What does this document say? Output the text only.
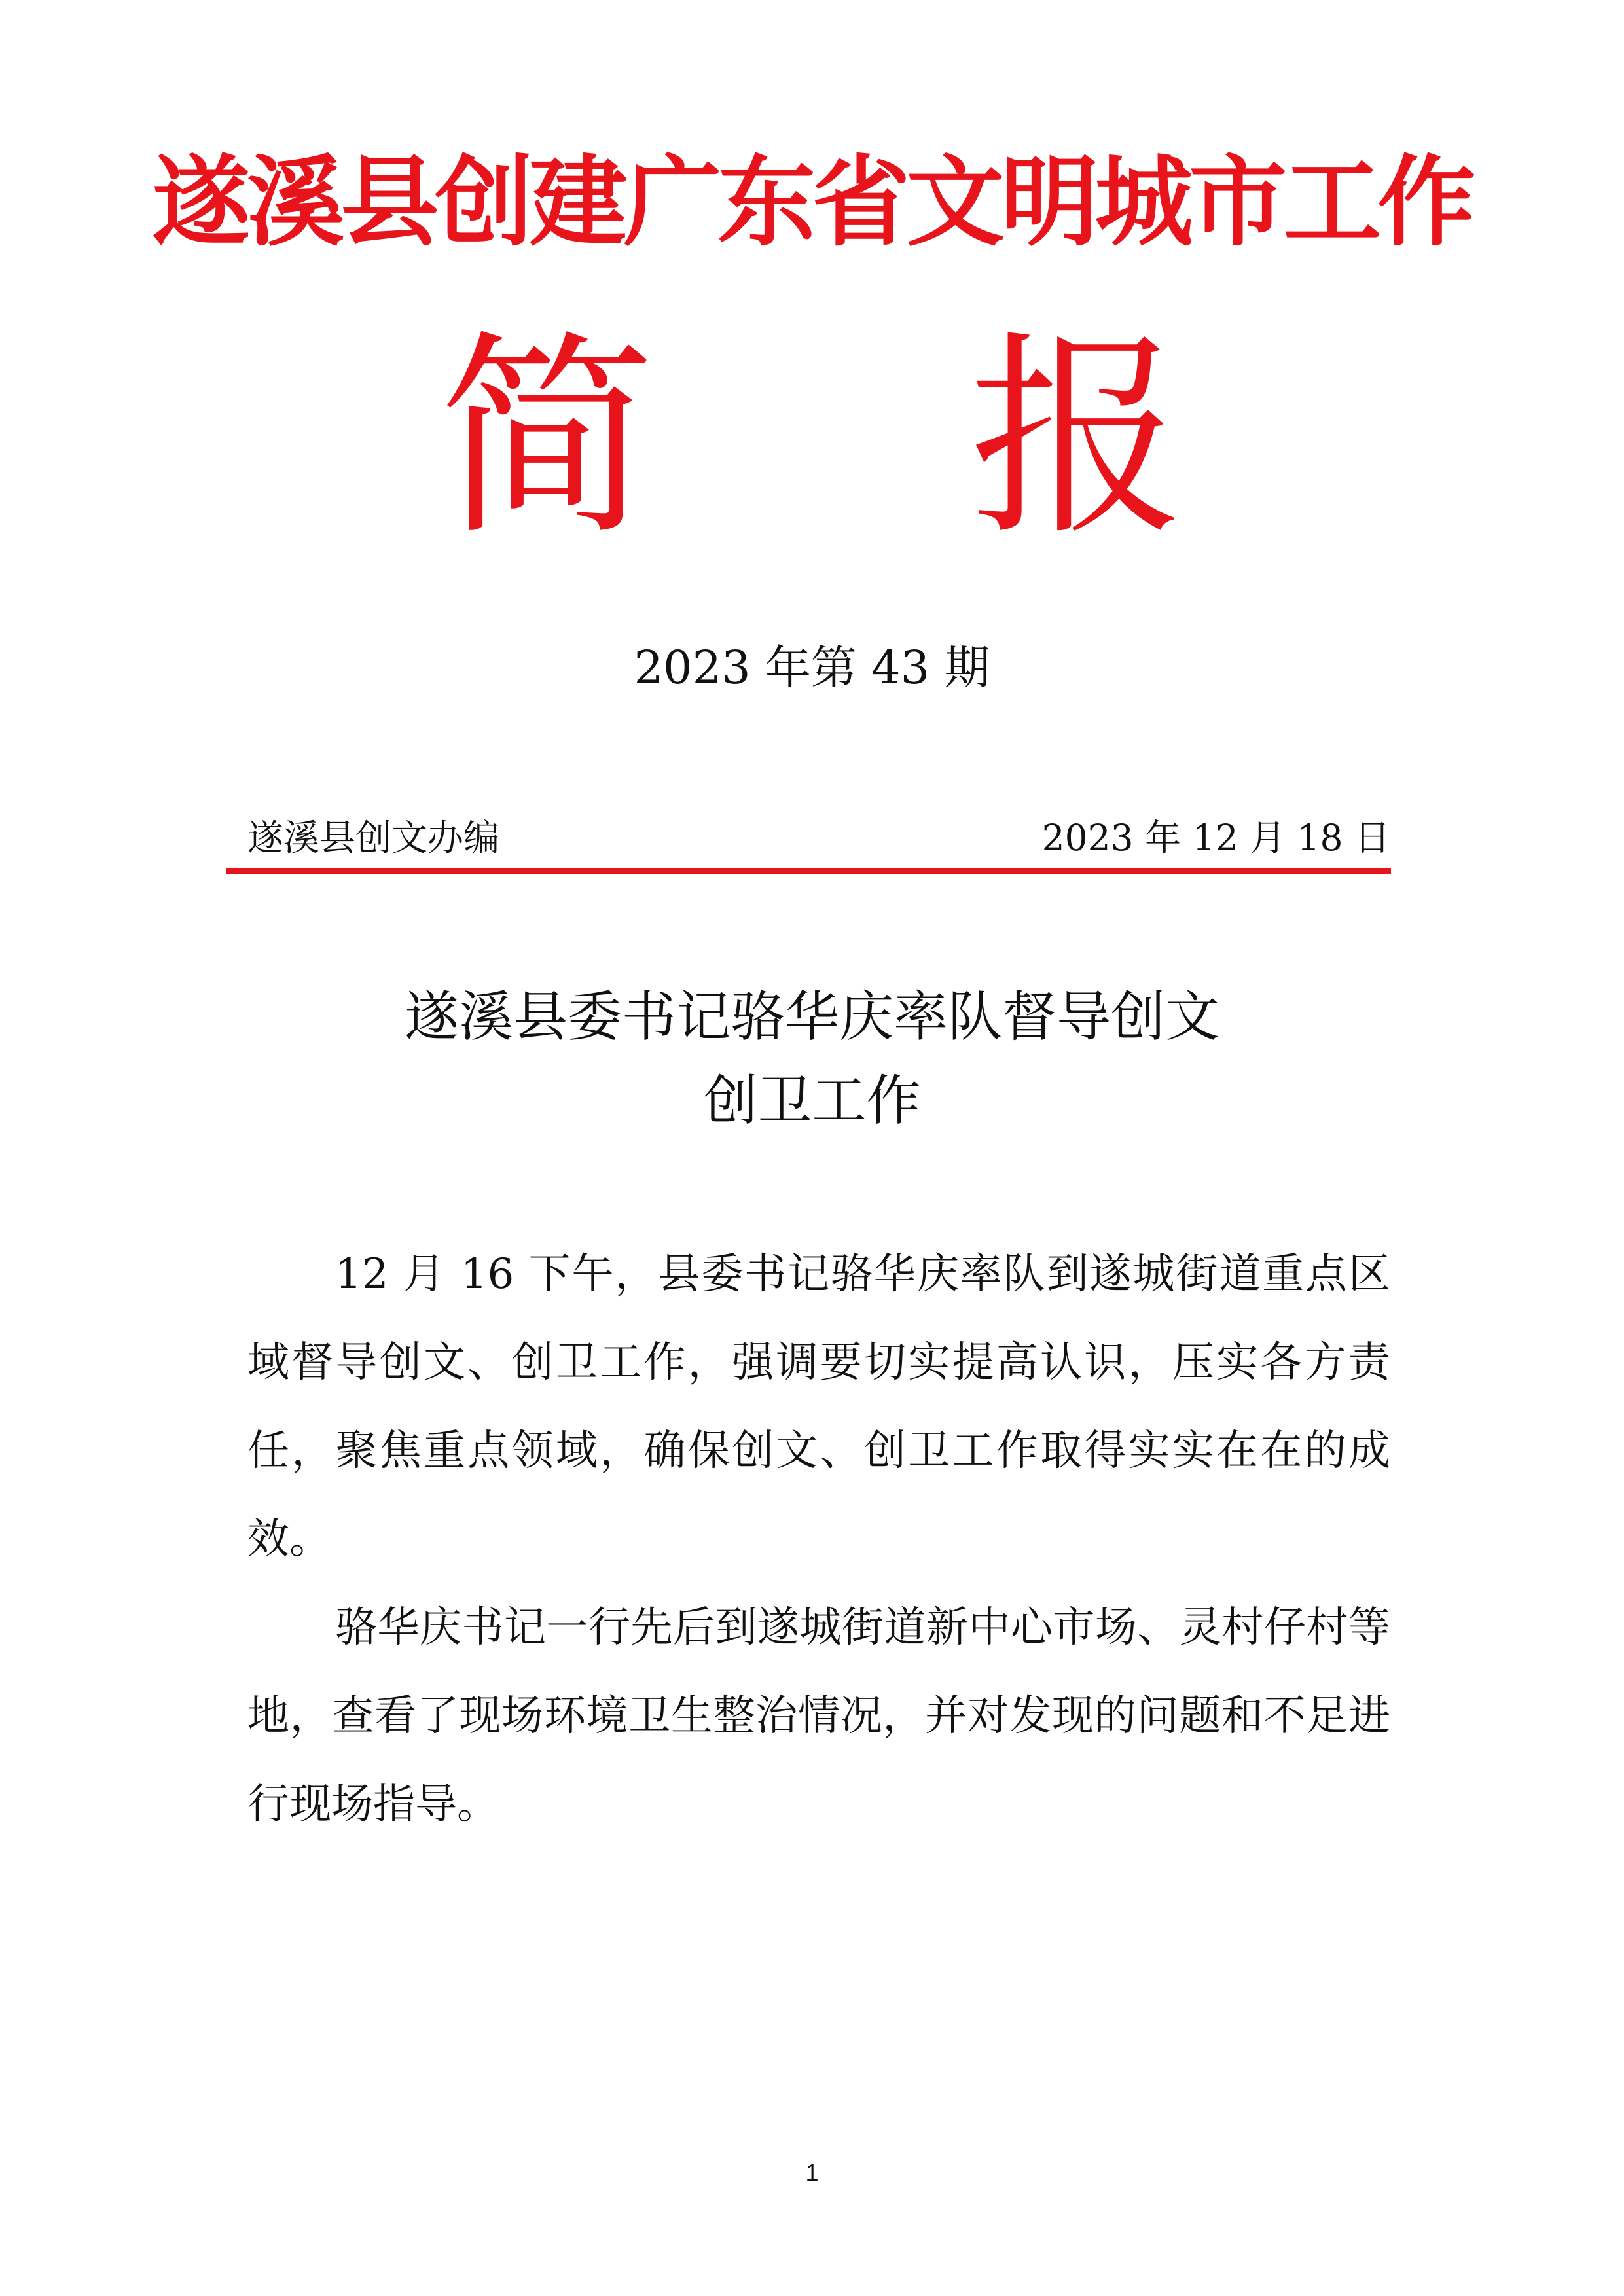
遂溪县创建广东省文明城市工作
简报
2023 年第 43 期
遂溪县创文办编	2023 年 12 月 18 日
遂溪县委书记骆华庆率队督导创文
创卫工作

12 月 16 下午，县委书记骆华庆率队到遂城街道重点区域督导创文、创卫工作，强调要切实提高认识，压实各方责任，聚焦重点领域，确保创文、创卫工作取得实实在在的成效。

骆华庆书记一行先后到遂城街道新中心市场、灵村仔村等地，查看了现场环境卫生整治情况，并对发现的问题和不足进行现场指导。

1
